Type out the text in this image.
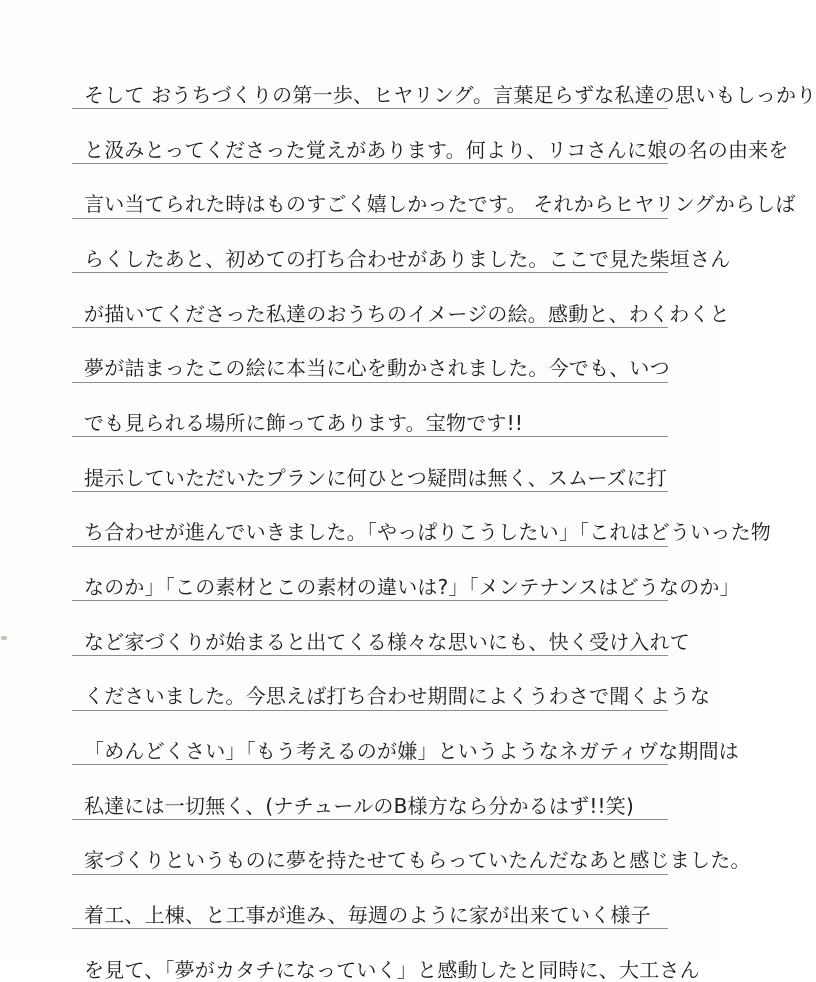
そして おうちづくりの第一歩、ヒヤリング。言葉足らずな私達の思いもしっかり
と汲みとってくださった覚えがあります。何より、リコさんに娘の名の由来を
言い当てられた時はものすごく嬉しかったです。 それからヒヤリングからしば
らくしたあと、初めての打ち合わせがありました。ここで見た柴垣さん
が描いてくださった私達のおうちのイメージの絵。感動と、わくわくと
夢が詰まったこの絵に本当に心を動かされました。今でも、いつ
でも見られる場所に飾ってあります。宝物です!!
提示していただいたプランに何ひとつ疑問は無く、スムーズに打
ち合わせが進んでいきました。「やっぱりこうしたい」「これはどういった物
なのか」「この素材とこの素材の違いは?」「メンテナンスはどうなのか」
など家づくりが始まると出てくる様々な思いにも、快く受け入れて
くださいました。今思えば打ち合わせ期間によくうわさで聞くような
「めんどくさい」「もう考えるのが嫌」というようなネガティヴな期間は
私達には一切無く、(ナチュールのB様方なら分かるはず!!笑)
家づくりというものに夢を持たせてもらっていたんだなあと感じました。
着工、上棟、と工事が進み、毎週のように家が出来ていく様子
を見て、「夢がカタチになっていく」と感動したと同時に、大工さん
